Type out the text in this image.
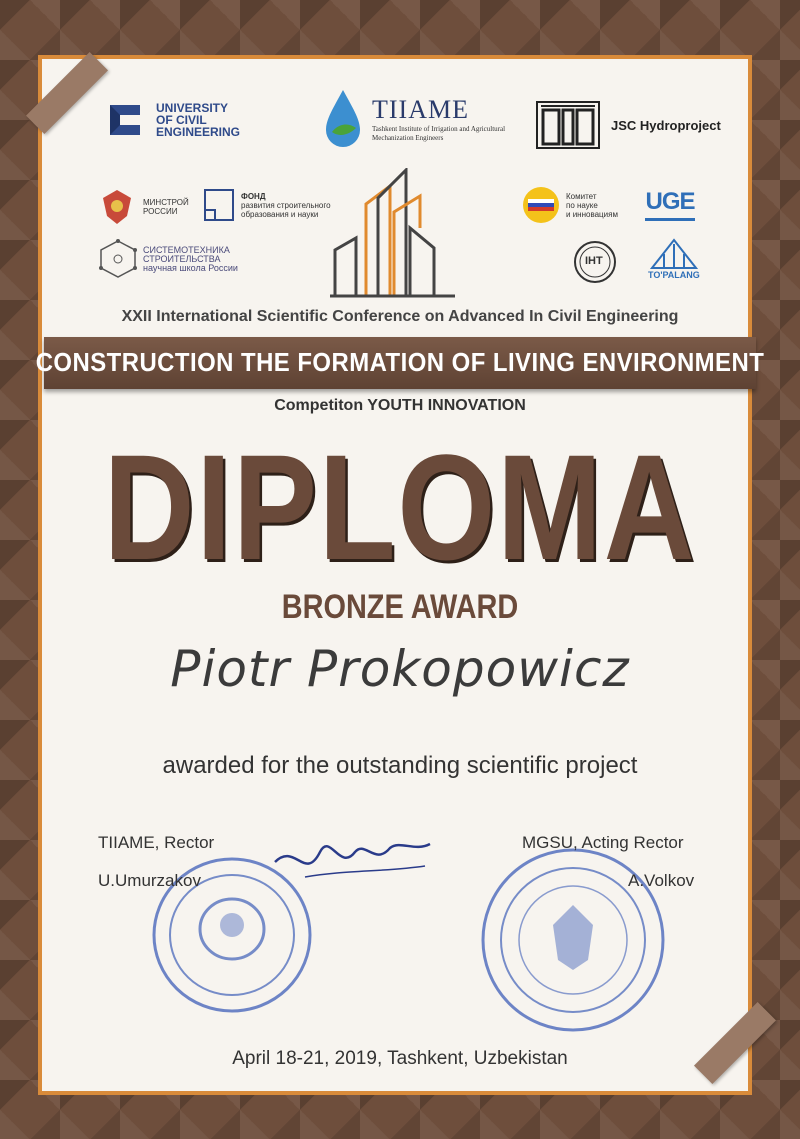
UNIVERSITY
OF CIVIL
ENGINEERING
TIIAME
Tashkent Institute of Irrigation and Agricultural Mechanization Engineers
JSC Hydroproject
МИНСТРОЙ
РОССИИ
ФОНД
развития строительного
образования и науки
СИСТЕМОТЕХНИКА
СТРОИТЕЛЬСТВА
научная школа России
Комитет
по науке
и инновациям UGE
IHT
TO'PALANG
XXII International Scientific Conference on Advanced In Civil Engineering
CONSTRUCTION THE FORMATION OF LIVING ENVIRONMENT
Competiton YOUTH INNOVATION
DIPLOMA
BRONZE AWARD
Piotr Prokopowicz
awarded for the outstanding scientific project
TIIAME, Rector
U.Umurzakov
MGSU, Acting Rector
A.Volkov
April 18-21, 2019, Tashkent, Uzbekistan
